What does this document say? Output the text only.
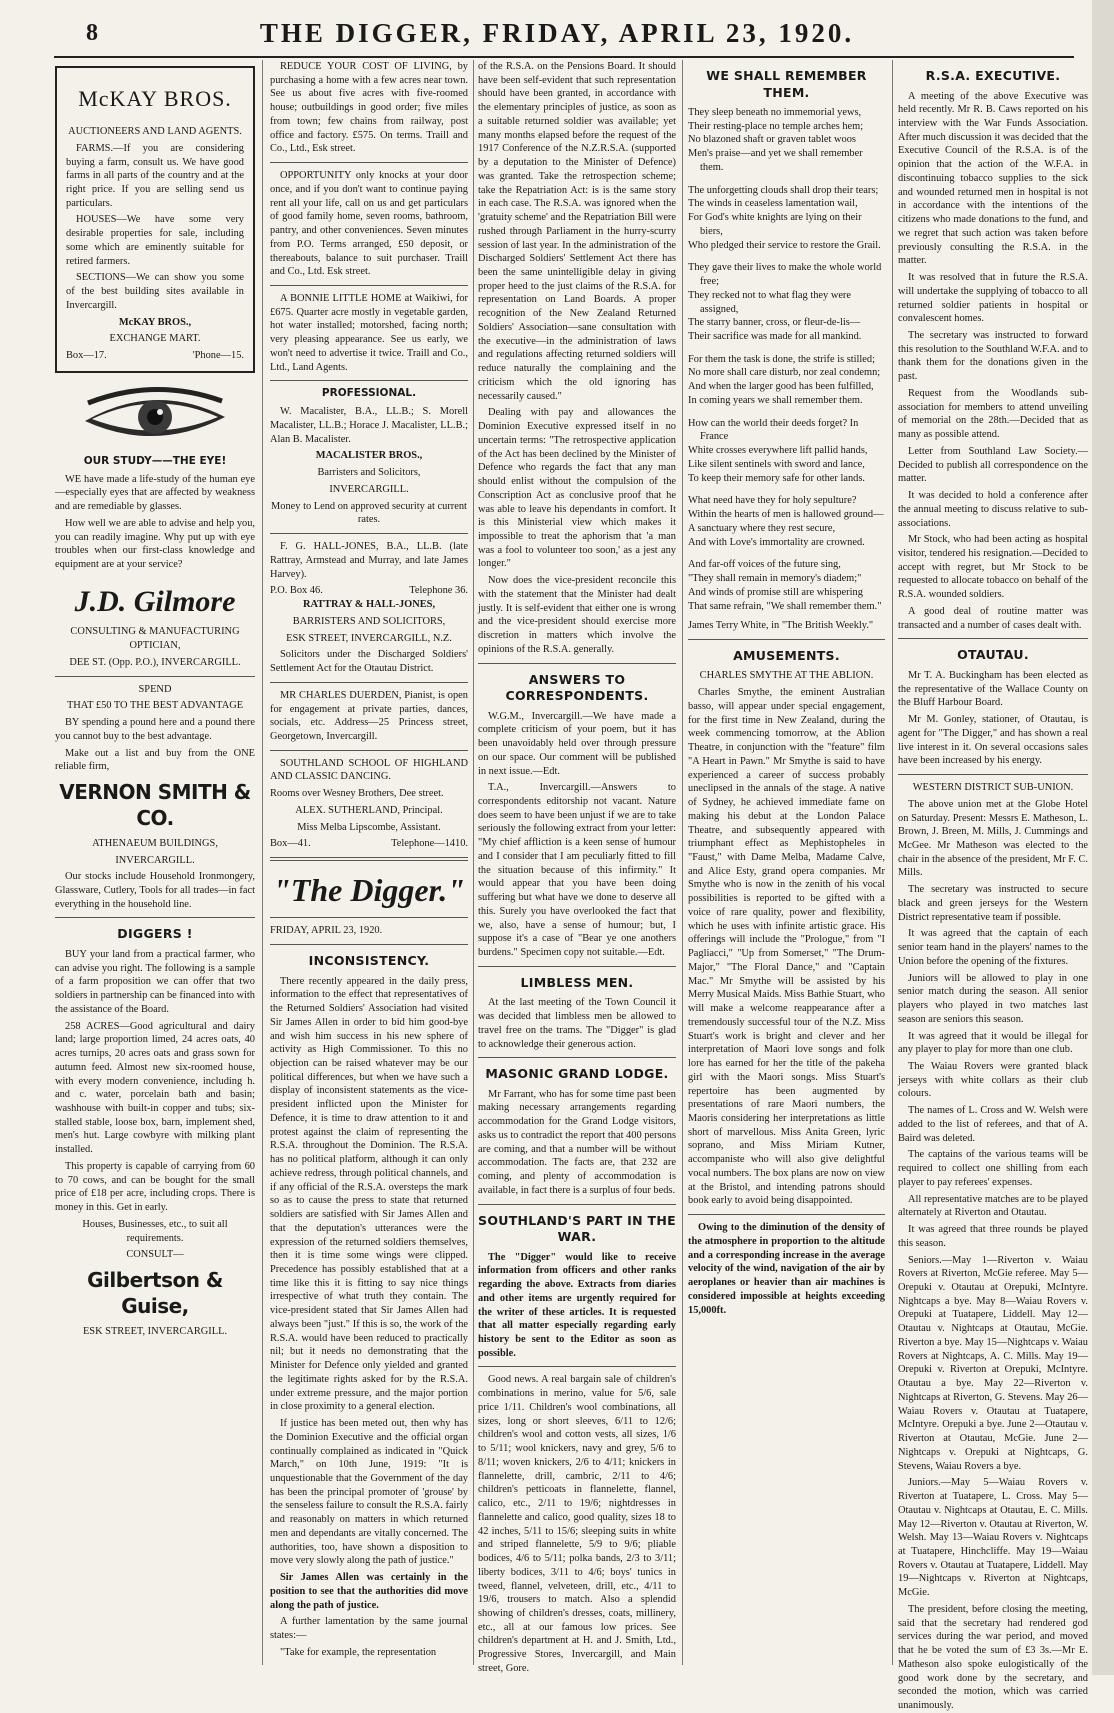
8	THE DIGGER, FRIDAY, APRIL 23, 1920.
McKAY BROS.

AUCTIONEERS AND LAND AGENTS.

FARMS.—If you are considering buying a farm, consult us. We have good farms in all parts of the country and at the right price. If you are selling send us particulars.

HOUSES—We have some very desirable properties for sale, including some which are eminently suitable for retired farmers.

SECTIONS—We can show you some of the best building sites available in Invercargill.

McKAY BROS.,

EXCHANGE MART.

Box—17.	'Phone—15.
OUR STUDY——THE EYE!

WE have made a life-study of the human eye—especially eyes that are affected by weakness and are remediable by glasses.

How well we are able to advise and help you, you can readily imagine. Why put up with eye troubles when our first-class knowledge and equipment are at your service?

J.D. Gilmore

CONSULTING & MANUFACTURING OPTICIAN,

DEE ST. (Opp. P.O.), INVERCARGILL.

SPEND

THAT £50 TO THE BEST ADVANTAGE

BY spending a pound here and a pound there you cannot buy to the best advantage.

Make out a list and buy from the ONE reliable firm,

VERNON SMITH & CO.

ATHENAEUM BUILDINGS,

INVERCARGILL.

Our stocks include Household Ironmongery, Glassware, Cutlery, Tools for all trades—in fact everything in the household line.

DIGGERS !

BUY your land from a practical farmer, who can advise you right. The following is a sample of a farm proposition we can offer that two soldiers in partnership can be financed into with the assistance of the Board.

258 ACRES—Good agricultural and dairy land; large proportion limed, 24 acres oats, 40 acres turnips, 20 acres oats and grass sown for autumn feed. Almost new six-roomed house, with every modern convenience, including h. and c. water, porcelain bath and basin; washhouse with built-in copper and tubs; six-stalled stable, loose box, barn, implement shed, men's hut. Large cowbyre with milking plant installed.

This property is capable of carrying from 60 to 70 cows, and can be bought for the small price of £18 per acre, including crops. There is money in this. Get in early.

Houses, Businesses, etc., to suit all requirements.

CONSULT—

Gilbertson & Guise,

ESK STREET, INVERCARGILL.

REDUCE YOUR COST OF LIVING, by purchasing a home with a few acres near town. See us about five acres with five-roomed house; outbuildings in good order; five miles from town; few chains from railway, post office and factory. £575. On terms. Traill and Co., Ltd., Esk street.

OPPORTUNITY only knocks at your door once, and if you don't want to continue paying rent all your life, call on us and get particulars of good family home, seven rooms, bathroom, pantry, and other conveniences. Seven minutes from P.O. Terms arranged, £50 deposit, or thereabouts, balance to suit purchaser. Traill and Co., Ltd. Esk street.

A BONNIE LITTLE HOME at Waikiwi, for £675. Quarter acre mostly in vegetable garden, hot water installed; motorshed, facing north; very pleasing appearance. See us early, we won't need to advertise it twice. Traill and Co., Ltd., Land Agents.

PROFESSIONAL.

W. Macalister, B.A., LL.B.; S. Morell Macalister, LL.B.; Horace J. Macalister, LL.B.; Alan B. Macalister.

MACALISTER BROS.,

Barristers and Solicitors,

INVERCARGILL.

Money to Lend on approved security at current rates.

F. G. HALL-JONES, B.A., LL.B. (late Rattray, Armstead and Murray, and late James Harvey).

P.O. Box 46.	Telephone 36.

RATTRAY & HALL-JONES,

BARRISTERS AND SOLICITORS,

ESK STREET, INVERCARGILL, N.Z.

Solicitors under the Discharged Soldiers' Settlement Act for the Otautau District.

MR CHARLES DUERDEN, Pianist, is open for engagement at private parties, dances, socials, etc. Address—25 Princess street, Georgetown, Invercargill.

SOUTHLAND SCHOOL OF HIGHLAND AND CLASSIC DANCING.

Rooms over Wesney Brothers, Dee street.

ALEX. SUTHERLAND, Principal.

Miss Melba Lipscombe, Assistant.

Box—41.	Telephone—1410.
"The Digger."

FRIDAY, APRIL 23, 1920.

INCONSISTENCY.

There recently appeared in the daily press, information to the effect that representatives of the Returned Soldiers' Association had visited Sir James Allen in order to bid him good-bye and wish him success in his new sphere of activity as High Commissioner. To this no objection can be raised whatever may be our political differences, but when we have such a display of inconsistent statements as the vice-president inflicted upon the Minister for Defence, it is time to draw attention to it and protest against the claim of representing the R.S.A. throughout the Dominion. The R.S.A. has no political platform, although it can only achieve redress, through political channels, and if any official of the R.S.A. oversteps the mark so as to cause the press to state that returned soldiers are satisfied with Sir James Allen and that the deputation's utterances were the expression of the returned soldiers themselves, then it is time some wings were clipped. Precedence has possibly established that at a time like this it is fitting to say nice things irrespective of what truth they contain. The vice-president stated that Sir James Allen had always been "just." If this is so, the work of the R.S.A. would have been reduced to practically nil; but it needs no demonstrating that the Minister for Defence only yielded and granted the legitimate rights asked for by the R.S.A. under extreme pressure, and the major portion in close proximity to a general election.

If justice has been meted out, then why has the Dominion Executive and the official organ continually complained as indicated in "Quick March," on 10th June, 1919: "It is unquestionable that the Government of the day has been the principal promoter of 'grouse' by the senseless failure to consult the R.S.A. fairly and reasonably on matters in which returned men and dependants are vitally concerned. The authorities, too, have shown a disposition to move very slowly along the path of justice."

Sir James Allen was certainly in the position to see that the authorities did move along the path of justice.

A further lamentation by the same journal states:—

"Take for example, the representation

of the R.S.A. on the Pensions Board. It should have been self-evident that such representation should have been granted, in accordance with the elementary principles of justice, as soon as a suitable returned soldier was available; yet many months elapsed before the request of the 1917 Conference of the N.Z.R.S.A. (supported by a deputation to the Minister of Defence) was granted. Take the retrospection scheme; take the Repatriation Act: is is the same story in each case. The R.S.A. was ignored when the 'gratuity scheme' and the Repatriation Bill were rushed through Parliament in the hurry-scurry session of last year. In the administration of the Discharged Soldiers' Settlement Act there has been the same unintelligible delay in giving proper heed to the just claims of the R.S.A. for representation on Land Boards. A proper recognition of the New Zealand Returned Soldiers' Association—sane consultation with the executive—in the administration of laws and regulations affecting returned soldiers will reduce naturally the complaining and the criticism which the old ignoring has necessarily caused."

Dealing with pay and allowances the Dominion Executive expressed itself in no uncertain terms: "The retrospective application of the Act has been declined by the Minister of Defence who regards the fact that any man should enlist without the compulsion of the Conscription Act as conclusive proof that he was able to leave his dependants in comfort. It is this Ministerial view which makes it impossible to treat the aphorism that 'a man was a fool to volunteer too soon,' as a jest any longer."

Now does the vice-president reconcile this with the statement that the Minister had dealt justly. It is self-evident that either one is wrong and the vice-president should exercise more discretion in matters which involve the opinions of the R.S.A. generally.

ANSWERS TO CORRESPONDENTS.

W.G.M., Invercargill.—We have made a complete criticism of your poem, but it has been unavoidably held over through pressure on our space. Our comment will be published in next issue.—Edt.

T.A., Invercargill.—Answers to correspondents editorship not vacant. Nature does seem to have been unjust if we are to take seriously the following extract from your letter: "My chief affliction is a keen sense of humour and I consider that I am peculiarly fitted to fill the situation because of this infirmity." It would appear that you have been doing suffering but what have we done to deserve all this. Surely you have overlooked the fact that we, also, have a sense of humour; but, I suppose it's a case of "Bear ye one anothers burdens." Specimen copy not suitable.—Edt.

LIMBLESS MEN.

At the last meeting of the Town Council it was decided that limbless men be allowed to travel free on the trams. The "Digger" is glad to acknowledge their generous action.

MASONIC GRAND LODGE.

Mr Farrant, who has for some time past been making necessary arrangements regarding accommodation for the Grand Lodge visitors, asks us to contradict the report that 400 persons are coming, and that a number will be without accommodation. The facts are, that 232 are coming, and plenty of accommodation is available, in fact there is a surplus of four beds.

SOUTHLAND'S PART IN THE WAR.

The "Digger" would like to receive information from officers and other ranks regarding the above. Extracts from diaries and other items are urgently required for the writer of these articles. It is requested that all matter especially regarding early history be sent to the Editor as soon as possible.

Good news. A real bargain sale of children's combinations in merino, value for 5/6, sale price 1/11. Children's wool combinations, all sizes, long or short sleeves, 6/11 to 12/6; children's wool and cotton vests, all sizes, 1/6 to 5/11; wool knickers, navy and grey, 5/6 to 8/11; woven knickers, 2/6 to 4/11; knickers in flannelette, drill, cambric, 2/11 to 4/6; children's petticoats in flannelette, flannel, calico, etc., 2/11 to 19/6; nightdresses in flannelette and calico, good quality, sizes 18 to 42 inches, 5/11 to 15/6; sleeping suits in white and striped flannelette, 5/9 to 9/6; pliable bodices, 4/6 to 5/11; polka bands, 2/3 to 3/11; liberty bodices, 3/11 to 4/6; boys' tunics in tweed, flannel, velveteen, drill, etc., 4/11 to 19/6, trousers to match. Also a splendid showing of children's dresses, coats, millinery, etc., all at our famous low prices. See children's department at H. and J. Smith, Ltd., Progressive Stores, Invercargill, and Main street, Gore.

WE SHALL REMEMBER THEM.

They sleep beneath no immemorial yews,

Their resting-place no temple arches hem;

No blazoned shaft or graven tablet woos

Men's praise—and yet we shall remember them.

The unforgetting clouds shall drop their tears;

The winds in ceaseless lamentation wail,

For God's white knights are lying on their biers,

Who pledged their service to restore the Grail.

They gave their lives to make the whole world free;

They recked not to what flag they were assigned,

The starry banner, cross, or fleur-de-lis—

Their sacrifice was made for all mankind.

For them the task is done, the strife is stilled;

No more shall care disturb, nor zeal condemn;

And when the larger good has been fulfilled,

In coming years we shall remember them.

How can the world their deeds forget? In France

White crosses everywhere lift pallid hands,

Like silent sentinels with sword and lance,

To keep their memory safe for other lands.

What need have they for holy sepulture?

Within the hearts of men is hallowed ground—

A sanctuary where they rest secure,

And with Love's immortality are crowned.

And far-off voices of the future sing,

"They shall remain in memory's diadem;"

And winds of promise still are whispering

That same refrain, "We shall remember them."

James Terry White, in "The British Weekly."

AMUSEMENTS.

CHARLES SMYTHE AT THE ABLION.

Charles Smythe, the eminent Australian basso, will appear under special engagement, for the first time in New Zealand, during the week commencing tomorrow, at the Ablion Theatre, in conjunction with the "feature" film "A Heart in Pawn." Mr Smythe is said to have experienced a career of success probably uneclipsed in the annals of the stage. A native of Sydney, he achieved immediate fame on making his debut at the London Palace Theatre, and subsequently appeared with triumphant effect as Mephistopheles in "Faust," with Dame Melba, Madame Calve, and Alice Esty, grand opera companies. Mr Smythe who is now in the zenith of his vocal possibilities is reported to be gifted with a voice of rare quality, power and flexibility, which he uses with infinite artistic grace. His offerings will include the "Prologue," from "I Pagliacci," "Up from Somerset," "The Drum-Major," "The Floral Dance," and "Captain Mac." Mr Smythe will be assisted by his Merry Musical Maids. Miss Bathie Stuart, who will make a welcome reappearance after a tremendously successful tour of the N.Z. Miss Stuart's work is bright and clever and her interpretation of Maori love songs and folk lore has earned for her the title of the pakeha girl with the Maori songs. Miss Stuart's repertoire has been augmented by presentations of rare Maori numbers, the Maoris considering her interpretations as little short of marvellous. Miss Anita Green, lyric soprano, and Miss Miriam Kutner, accompaniste who will also give delightful vocal numbers. The box plans are now on view at the Bristol, and intending patrons should book early to avoid being disappointed.

Owing to the diminution of the density of the atmosphere in proportion to the altitude and a corresponding increase in the average velocity of the wind, navigation of the air by aeroplanes or heavier than air machines is considered impossible at heights exceeding 15,000ft.

R.S.A. EXECUTIVE.

A meeting of the above Executive was held recently. Mr R. B. Caws reported on his interview with the War Funds Association. After much discussion it was decided that the Executive Council of the R.S.A. is of the opinion that the action of the W.F.A. in discontinuing tobacco supplies to the sick and wounded returned men in hospital is not in accordance with the intentions of the citizens who made donations to the fund, and we regret that such action was taken before previously consulting the R.S.A. in the matter.

It was resolved that in future the R.S.A. will undertake the supplying of tobacco to all returned soldier patients in hospital or convalescent homes.

The secretary was instructed to forward this resolution to the Southland W.F.A. and to thank them for the donations given in the past.

Request from the Woodlands sub-association for members to attend unveiling of memorial on the 28th.—Decided that as many as possible attend.

Letter from Southland Law Society.—Decided to publish all correspondence on the matter.

It was decided to hold a conference after the annual meeting to discuss relative to sub-associations.

Mr Stock, who had been acting as hospital visitor, tendered his resignation.—Decided to accept with regret, but Mr Stock to be requested to allocate tobacco on behalf of the R.S.A. wounded soldiers.

A good deal of routine matter was transacted and a number of cases dealt with.

OTAUTAU.

Mr T. A. Buckingham has been elected as the representative of the Wallace County on the Bluff Harbour Board.

Mr M. Gonley, stationer, of Otautau, is agent for "The Digger," and has shown a real live interest in it. On several occasions sales have been increased by his energy.

WESTERN DISTRICT SUB-UNION.

The above union met at the Globe Hotel on Saturday. Present: Messrs E. Matheson, L. Brown, J. Breen, M. Mills, J. Cummings and McGee. Mr Matheson was elected to the chair in the absence of the president, Mr F. C. Mills.

The secretary was instructed to secure black and green jerseys for the Western District representative team if possible.

It was agreed that the captain of each senior team hand in the players' names to the Union before the opening of the fixtures.

Juniors will be allowed to play in one senior match during the season. All senior players who played in two matches last season are seniors this season.

It was agreed that it would be illegal for any player to play for more than one club.

The Waiau Rovers were granted black jerseys with white collars as their club colours.

The names of L. Cross and W. Welsh were added to the list of referees, and that of A. Baird was deleted.

The captains of the various teams will be required to collect one shilling from each player to pay referees' expenses.

All representative matches are to be played alternately at Riverton and Otautau.

It was agreed that three rounds be played this season.

Seniors.—May 1—Riverton v. Waiau Rovers at Riverton, McGie referee. May 5—Orepuki v. Otautau at Orepuki, McIntyre. Nightcaps a bye. May 8—Waiau Rovers v. Orepuki at Tuatapere, Liddell. May 12—Otautau v. Nightcaps at Otautau, McGie. Riverton a bye. May 15—Nightcaps v. Waiau Rovers at Nightcaps, A. C. Mills. May 19—Orepuki v. Riverton at Orepuki, McIntyre. Otautau a bye. May 22—Riverton v. Nightcaps at Riverton, G. Stevens. May 26—Waiau Rovers v. Otautau at Tuatapere, McIntyre. Orepuki a bye. June 2—Otautau v. Riverton at Otautau, McGie. June 2—Nightcaps v. Orepuki at Nightcaps, G. Stevens, Waiau Rovers a bye.

Juniors.—May 5—Waiau Rovers v. Riverton at Tuatapere, L. Cross. May 5—Otautau v. Nightcaps at Otautau, E. C. Mills. May 12—Riverton v. Otautau at Riverton, W. Welsh. May 13—Waiau Rovers v. Nightcaps at Tuatapere, Hinchcliffe. May 19—Waiau Rovers v. Otautau at Tuatapere, Liddell. May 19—Nightcaps v. Riverton at Nightcaps, McGie.

The president, before closing the meeting, said that the secretary had rendered god services during the war period, and moved that he be voted the sum of £3 3s.—Mr E. Matheson also spoke eulogistically of the good work done by the secretary, and seconded the motion, which was carried unanimously.
